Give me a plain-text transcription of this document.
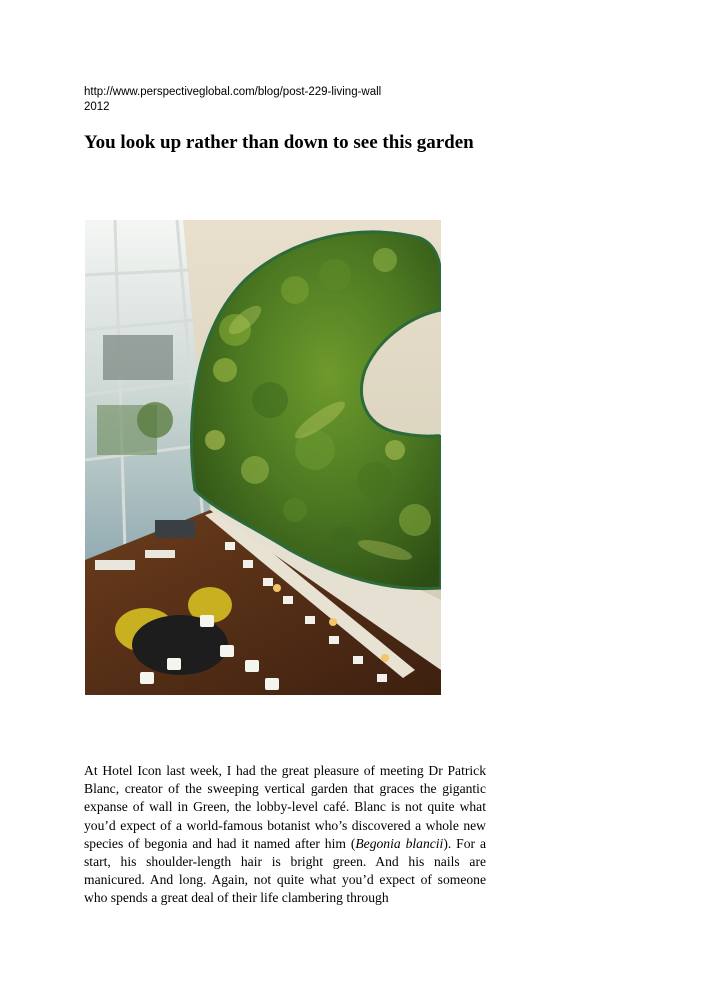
http://www.perspectiveglobal.com/blog/post-229-living-wall
2012
You look up rather than down to see this garden

At Hotel Icon last week, I had the great pleasure of meeting Dr Patrick Blanc, creator of the sweeping vertical garden that graces the gigantic expanse of wall in Green, the lobby-level café. Blanc is not quite what you’d expect of a world-famous botanist who’s discovered a whole new species of begonia and had it named after him (Begonia blancii). For a start, his shoulder-length hair is bright green. And his nails are manicured. And long. Again, not quite what you’d expect of someone who spends a great deal of their life clambering through
